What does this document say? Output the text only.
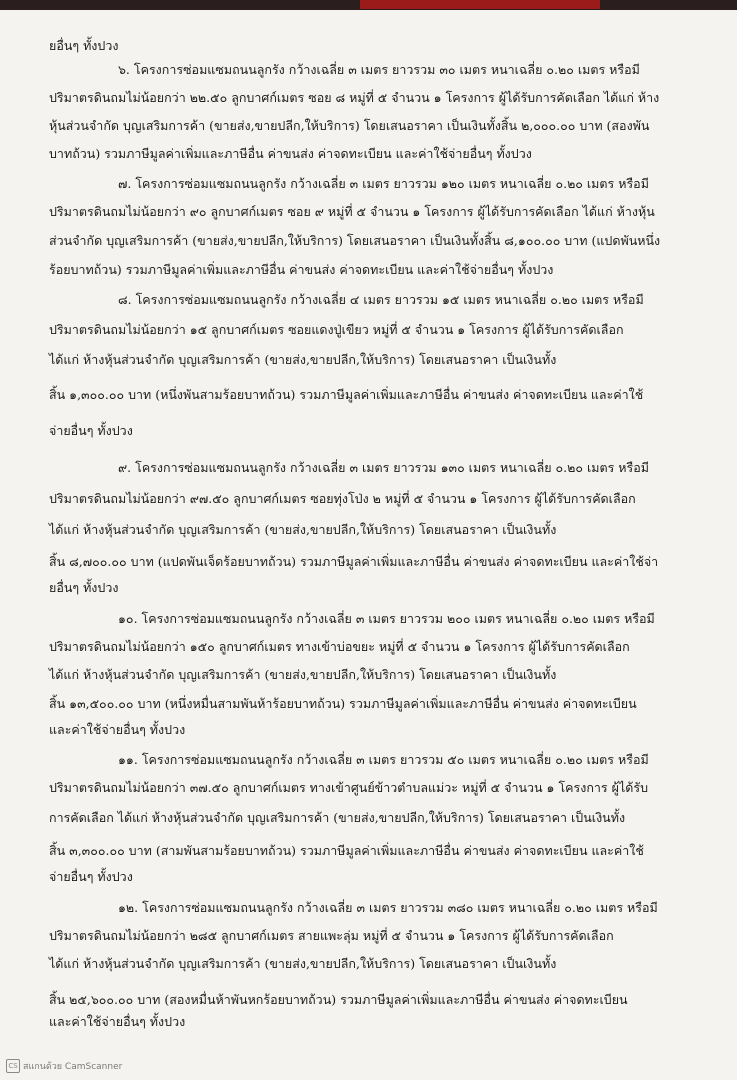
ยอื่นๆ ทั้งปวง

๖. โครงการซ่อมแซมถนนลูกรัง กว้างเฉลี่ย ๓ เมตร ยาวรวม ๓๐ เมตร หนาเฉลี่ย ๐.๒๐ เมตร หรือมี

ปริมาตรดินถมไม่น้อยกว่า ๒๒.๕๐ ลูกบาศก์เมตร ซอย ๘ หมู่ที่ ๕ จำนวน ๑ โครงการ ผู้ได้รับการคัดเลือก ได้แก่ ห้าง

หุ้นส่วนจำกัด บุญเสริมการค้า (ขายส่ง,ขายปลีก,ให้บริการ) โดยเสนอราคา เป็นเงินทั้งสิ้น ๒,๐๐๐.๐๐ บาท (สองพัน

บาทถ้วน) รวมภาษีมูลค่าเพิ่มและภาษีอื่น ค่าขนส่ง ค่าจดทะเบียน และค่าใช้จ่ายอื่นๆ ทั้งปวง

๗. โครงการซ่อมแซมถนนลูกรัง กว้างเฉลี่ย ๓ เมตร ยาวรวม ๑๒๐ เมตร หนาเฉลี่ย ๐.๒๐ เมตร หรือมี

ปริมาตรดินถมไม่น้อยกว่า ๙๐ ลูกบาศก์เมตร ซอย ๙ หมู่ที่ ๕ จำนวน ๑ โครงการ ผู้ได้รับการคัดเลือก ได้แก่ ห้างหุ้น

ส่วนจำกัด บุญเสริมการค้า (ขายส่ง,ขายปลีก,ให้บริการ) โดยเสนอราคา เป็นเงินทั้งสิ้น ๘,๑๐๐.๐๐ บาท (แปดพันหนึ่ง

ร้อยบาทถ้วน) รวมภาษีมูลค่าเพิ่มและภาษีอื่น ค่าขนส่ง ค่าจดทะเบียน และค่าใช้จ่ายอื่นๆ ทั้งปวง

๘. โครงการซ่อมแซมถนนลูกรัง กว้างเฉลี่ย ๔ เมตร ยาวรวม ๑๕ เมตร หนาเฉลี่ย ๐.๒๐ เมตร หรือมี

ปริมาตรดินถมไม่น้อยกว่า ๑๕ ลูกบาศก์เมตร ซอยแดงปู่เขียว หมู่ที่ ๕ จำนวน ๑ โครงการ ผู้ได้รับการคัดเลือก

ได้แก่ ห้างหุ้นส่วนจำกัด บุญเสริมการค้า (ขายส่ง,ขายปลีก,ให้บริการ) โดยเสนอราคา เป็นเงินทั้ง

สิ้น ๑,๓๐๐.๐๐ บาท (หนึ่งพันสามร้อยบาทถ้วน) รวมภาษีมูลค่าเพิ่มและภาษีอื่น ค่าขนส่ง ค่าจดทะเบียน และค่าใช้

จ่ายอื่นๆ ทั้งปวง

๙. โครงการซ่อมแซมถนนลูกรัง กว้างเฉลี่ย ๓ เมตร ยาวรวม ๑๓๐ เมตร หนาเฉลี่ย ๐.๒๐ เมตร หรือมี

ปริมาตรดินถมไม่น้อยกว่า ๙๗.๕๐ ลูกบาศก์เมตร ซอยทุ่งโป่ง ๒ หมู่ที่ ๕ จำนวน ๑ โครงการ ผู้ได้รับการคัดเลือก

ได้แก่ ห้างหุ้นส่วนจำกัด บุญเสริมการค้า (ขายส่ง,ขายปลีก,ให้บริการ) โดยเสนอราคา เป็นเงินทั้ง

สิ้น ๘,๗๐๐.๐๐ บาท (แปดพันเจ็ดร้อยบาทถ้วน) รวมภาษีมูลค่าเพิ่มและภาษีอื่น ค่าขนส่ง ค่าจดทะเบียน และค่าใช้จ่า

ยอื่นๆ ทั้งปวง

๑๐. โครงการซ่อมแซมถนนลูกรัง กว้างเฉลี่ย ๓ เมตร ยาวรวม ๒๐๐ เมตร หนาเฉลี่ย ๐.๒๐ เมตร หรือมี

ปริมาตรดินถมไม่น้อยกว่า ๑๕๐ ลูกบาศก์เมตร ทางเข้าบ่อขยะ หมู่ที่ ๕ จำนวน ๑ โครงการ ผู้ได้รับการคัดเลือก

ได้แก่ ห้างหุ้นส่วนจำกัด บุญเสริมการค้า (ขายส่ง,ขายปลีก,ให้บริการ) โดยเสนอราคา เป็นเงินทั้ง

สิ้น ๑๓,๕๐๐.๐๐ บาท (หนึ่งหมื่นสามพันห้าร้อยบาทถ้วน) รวมภาษีมูลค่าเพิ่มและภาษีอื่น ค่าขนส่ง ค่าจดทะเบียน

และค่าใช้จ่ายอื่นๆ ทั้งปวง

๑๑. โครงการซ่อมแซมถนนลูกรัง กว้างเฉลี่ย ๓ เมตร ยาวรวม ๕๐ เมตร หนาเฉลี่ย ๐.๒๐ เมตร หรือมี

ปริมาตรดินถมไม่น้อยกว่า ๓๗.๕๐ ลูกบาศก์เมตร ทางเข้าศูนย์ข้าวตำบลแม่วะ หมู่ที่ ๕ จำนวน ๑ โครงการ ผู้ได้รับ

การคัดเลือก ได้แก่ ห้างหุ้นส่วนจำกัด บุญเสริมการค้า (ขายส่ง,ขายปลีก,ให้บริการ) โดยเสนอราคา เป็นเงินทั้ง

สิ้น ๓,๓๐๐.๐๐ บาท (สามพันสามร้อยบาทถ้วน) รวมภาษีมูลค่าเพิ่มและภาษีอื่น ค่าขนส่ง ค่าจดทะเบียน และค่าใช้

จ่ายอื่นๆ ทั้งปวง

๑๒. โครงการซ่อมแซมถนนลูกรัง กว้างเฉลี่ย ๓ เมตร ยาวรวม ๓๘๐ เมตร หนาเฉลี่ย ๐.๒๐ เมตร หรือมี

ปริมาตรดินถมไม่น้อยกว่า ๒๘๕ ลูกบาศก์เมตร สายแพะลุ่ม หมู่ที่ ๕ จำนวน ๑ โครงการ ผู้ได้รับการคัดเลือก

ได้แก่ ห้างหุ้นส่วนจำกัด บุญเสริมการค้า (ขายส่ง,ขายปลีก,ให้บริการ) โดยเสนอราคา เป็นเงินทั้ง

สิ้น ๒๕,๖๐๐.๐๐ บาท (สองหมื่นห้าพันหกร้อยบาทถ้วน) รวมภาษีมูลค่าเพิ่มและภาษีอื่น ค่าขนส่ง ค่าจดทะเบียน

และค่าใช้จ่ายอื่นๆ ทั้งปวง

CS สแกนด้วย CamScanner
